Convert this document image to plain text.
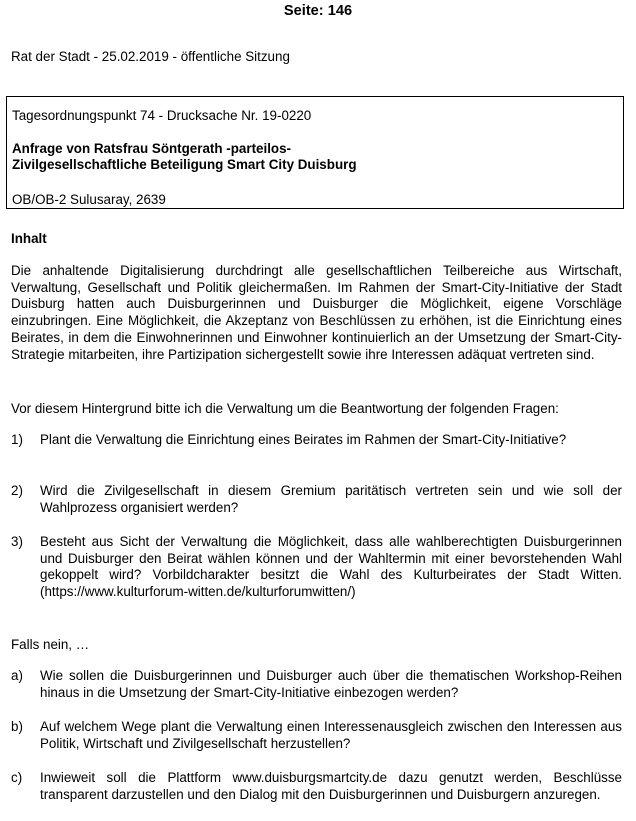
Seite: 146
Rat der Stadt - 25.02.2019 - öffentliche Sitzung
Tagesordnungspunkt 74 - Drucksache Nr. 19-0220
Anfrage von Ratsfrau Söntgerath -parteilos-
Zivilgesellschaftliche Beteiligung Smart City Duisburg
OB/OB-2 Sulusaray, 2639
Inhalt

Die anhaltende Digitalisierung durchdringt alle gesellschaftlichen Teilbereiche aus Wirtschaft, Verwaltung, Gesellschaft und Politik gleichermaßen. Im Rahmen der Smart-City-Initiative der Stadt Duisburg hatten auch Duisburgerinnen und Duisburger die Möglichkeit, eigene Vorschläge einzubringen. Eine Möglichkeit, die Akzeptanz von Beschlüssen zu erhöhen, ist die Einrichtung eines Beirates, in dem die Einwohnerinnen und Einwohner kontinuierlich an der Umsetzung der Smart-City-Strategie mitarbeiten, ihre Partizipation sichergestellt sowie ihre Interessen adäquat vertreten sind.

Vor diesem Hintergrund bitte ich die Verwaltung um die Beantwortung der folgenden Fragen:

1)	Plant die Verwaltung die Einrichtung eines Beirates im Rahmen der Smart-City-Initiative?
2)	Wird die Zivilgesellschaft in diesem Gremium paritätisch vertreten sein und wie soll der Wahlprozess organisiert werden?
3)	Besteht aus Sicht der Verwaltung die Möglichkeit, dass alle wahlberechtigten Duisburgerinnen und Duisburger den Beirat wählen können und der Wahltermin mit einer bevorstehenden Wahl gekoppelt wird? Vorbildcharakter besitzt die Wahl des Kulturbeirates der Stadt Witten. (https://www.kulturforum-witten.de/kulturforumwitten/)
Falls nein, …
a)	Wie sollen die Duisburgerinnen und Duisburger auch über die thematischen Workshop-Reihen hinaus in die Umsetzung der Smart-City-Initiative einbezogen werden?
b)	Auf welchem Wege plant die Verwaltung einen Interessenausgleich zwischen den Interessen aus Politik, Wirtschaft und Zivilgesellschaft herzustellen?
c)	Inwieweit soll die Plattform www.duisburgsmartcity.de dazu genutzt werden, Beschlüsse transparent darzustellen und den Dialog mit den Duisburgerinnen und Duisburgern anzuregen.
